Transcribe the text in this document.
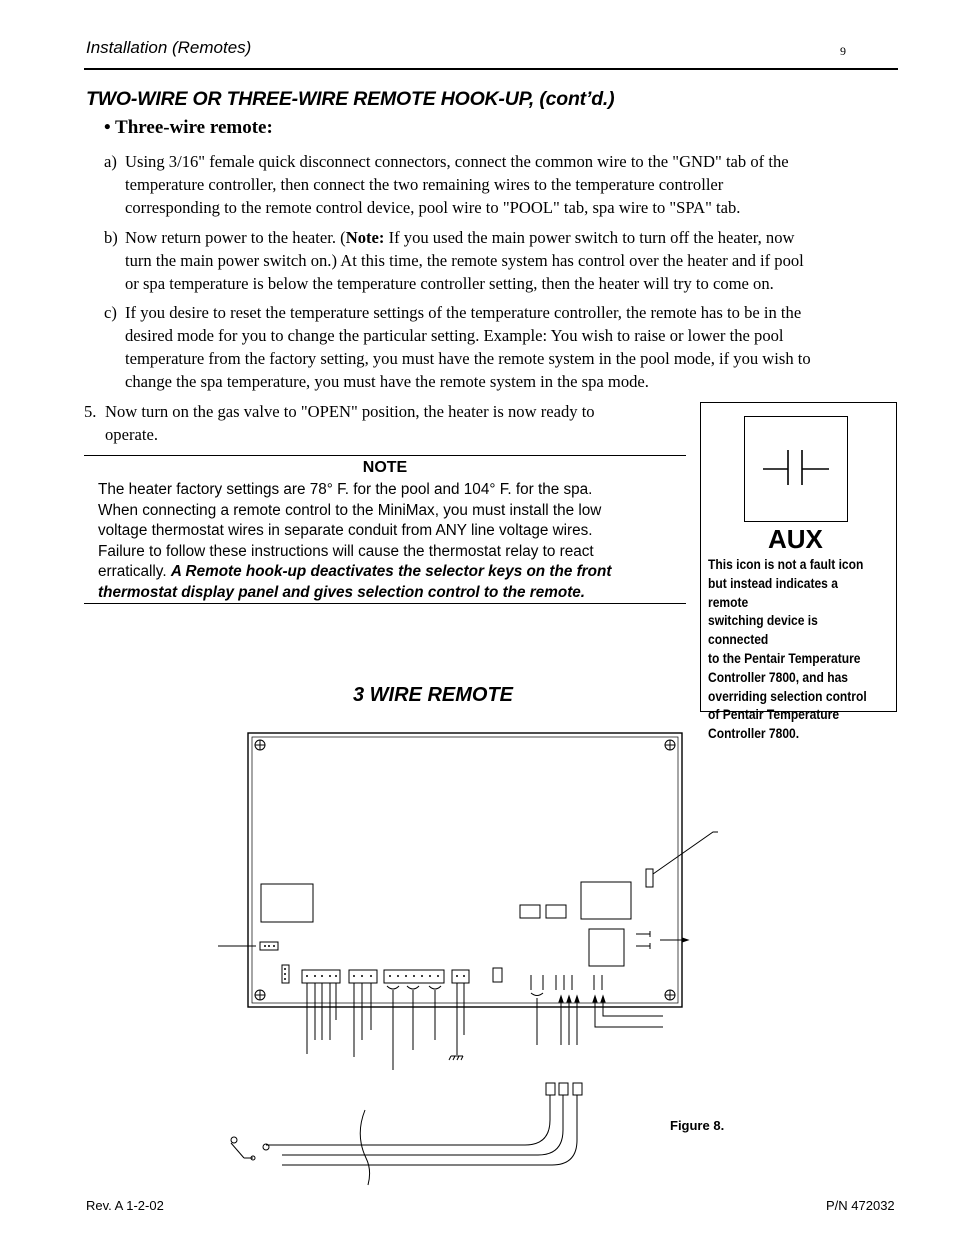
Installation (Remotes)	9
TWO-WIRE OR THREE-WIRE REMOTE HOOK-UP, (cont’d.)
• Three-wire remote:
a) Using 3/16" female quick disconnect connectors, connect the common wire to the "GND" tab of the
temperature controller, then connect the two remaining wires to the temperature controller
corresponding to the remote control device, pool wire to "POOL" tab, spa wire to "SPA" tab.
b) Now return power to the heater. (Note: If you used the main power switch to turn off the heater, now
turn the main power switch on.) At this time, the remote system has control over the heater and if pool
or spa temperature is below the temperature controller setting, then the heater will try to come on.
c) If you desire to reset the temperature settings of the temperature controller, the remote has to be in the
desired mode for you to change the particular setting. Example: You wish to raise or lower the pool
temperature from the factory setting, you must have the remote system in the pool mode, if you wish to
change the spa temperature, you must have the remote system in the spa mode.
5. Now turn on the gas valve to "OPEN" position, the heater is now ready to
operate.
NOTE
The heater factory settings are 78° F. for the pool and 104° F. for the spa.
When connecting a remote control to the MiniMax, you must install the low
voltage thermostat wires in separate conduit from ANY line voltage wires.
Failure to follow these instructions will cause the thermostat relay to react
erratically. A Remote hook-up deactivates the selector keys on the front
thermostat display panel and gives selection control to the remote.
AUX
This icon is not a fault icon
but instead indicates a remote
switching device is connected
to the Pentair Temperature
Controller 7800, and has
overriding selection control
of Pentair Temperature
Controller 7800.
3 WIRE REMOTE
Figure 8.
Rev. A 1-2-02	P/N 472032
